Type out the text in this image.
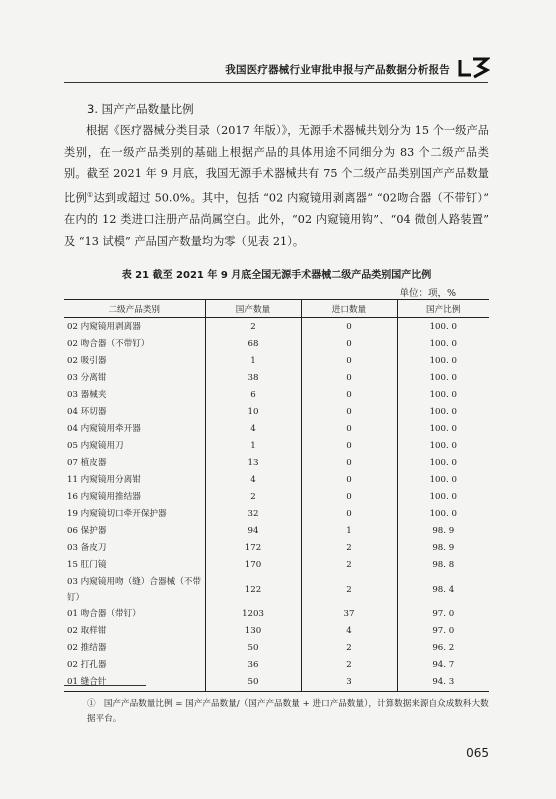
我国医疗器械行业审批申报与产品数据分析报告
3. 国产产品数量比例
根据《医疗器械分类目录（2017 年版）》，无源手术器械共划分为 15 个一级产品类别，在一级产品类别的基础上根据产品的具体用途不同细分为 83 个二级产品类别。截至 2021 年 9 月底，我国无源手术器械共有 75 个二级产品类别国产产品数量比例①达到或超过 50.0%。其中，包括 “02 内窥镜用剥离器” “02吻合器（不带钉）” 在内的 12 类进口注册产品尚属空白。此外，“02 内窥镜用钩”、“04 微创人路装置” 及 “13 试模” 产品国产数量均为零（见表 21）。
表 21 截至 2021 年 9 月底全国无源手术器械二级产品类别国产比例
单位：项，%
二级产品类别	国产数量	进口数量	国产比例
02 内窥镜用剥离器	2	0	100. 0
02 吻合器（不带钉）	68	0	100. 0
02 吸引器	1	0	100. 0
03 分离钳	38	0	100. 0
03 器械夹	6	0	100. 0
04 环切器	10	0	100. 0
04 内窥镜用牵开器	4	0	100. 0
05 内窥镜用刀	1	0	100. 0
07 植皮器	13	0	100. 0
11 内窥镜用分离钳	4	0	100. 0
16 内窥镜用推结器	2	0	100. 0
19 内窥镜切口牵开保护器	32	0	100. 0
06 保护器	94	1	98. 9
03 备皮刀	172	2	98. 9
15 肛门镜	170	2	98. 8
03 内窥镜用吻（缝）合器械（不带钉）	122	2	98. 4
01 吻合器（带钉）	1203	37	97. 0
02 取样钳	130	4	97. 0
02 推结器	50	2	96. 2
02 打孔器	36	2	94. 7
01 缝合针	50	3	94. 3
① 国产产品数量比例 = 国产产品数量/（国产产品数量 + 进口产品数量），计算数据来源自众成数科大数据平台。
065
